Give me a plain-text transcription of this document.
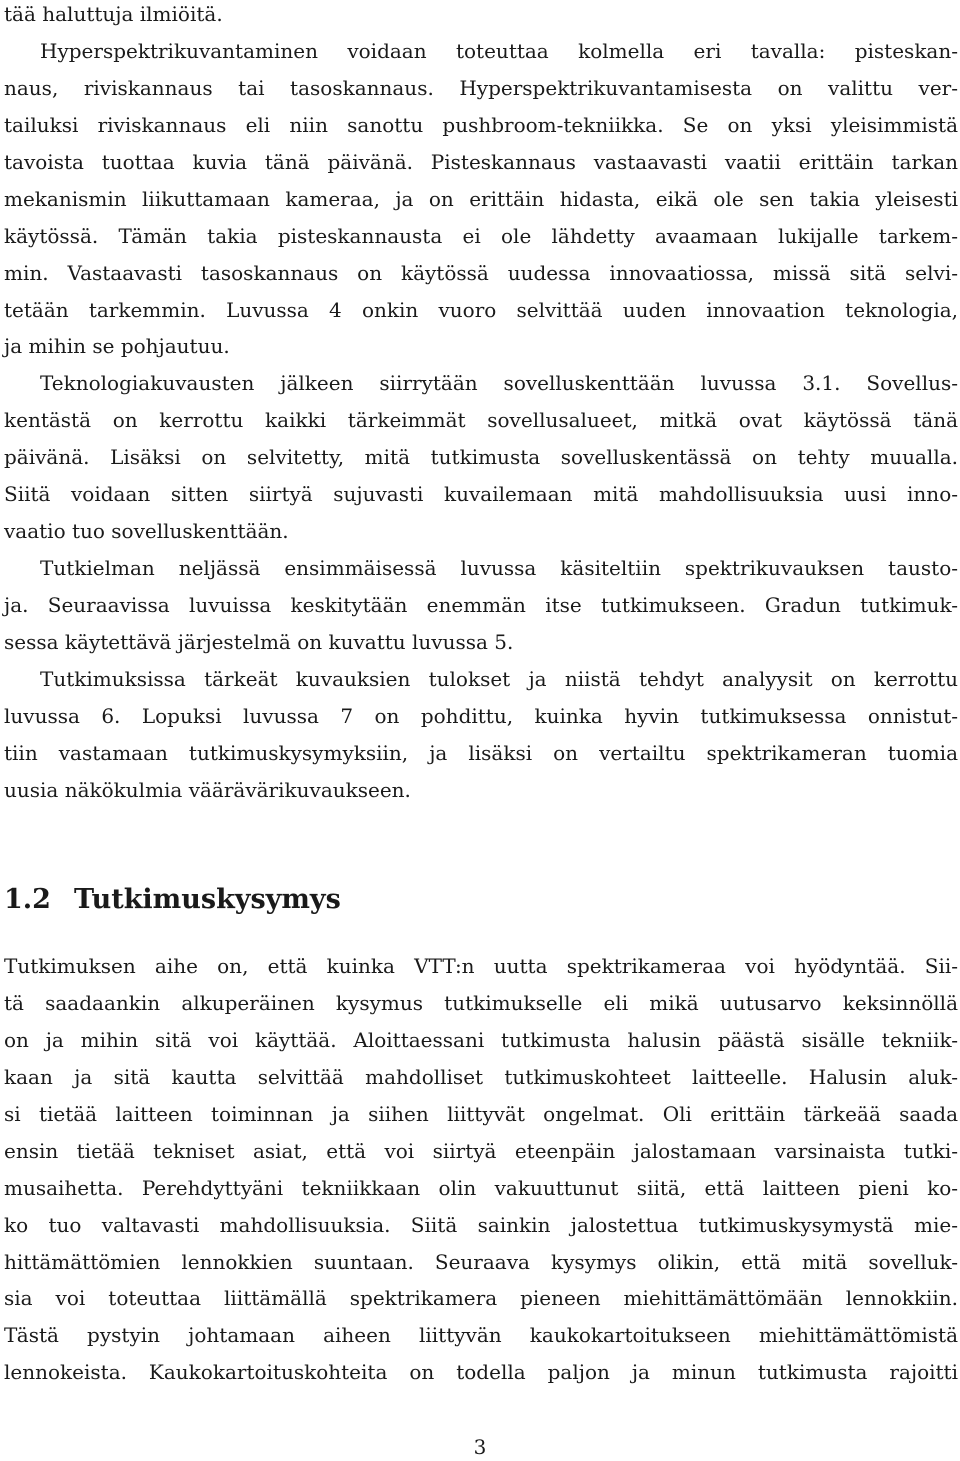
tää haluttuja ilmiöitä.
Hyperspektrikuvantaminen voidaan toteuttaa kolmella eri tavalla: pisteskan-
naus, riviskannaus tai tasoskannaus. Hyperspektrikuvantamisesta on valittu ver-
tailuksi riviskannaus eli niin sanottu pushbroom-tekniikka. Se on yksi yleisimmistä
tavoista tuottaa kuvia tänä päivänä. Pisteskannaus vastaavasti vaatii erittäin tarkan
mekanismin liikuttamaan kameraa, ja on erittäin hidasta, eikä ole sen takia yleisesti
käytössä. Tämän takia pisteskannausta ei ole lähdetty avaamaan lukijalle tarkem-
min. Vastaavasti tasoskannaus on käytössä uudessa innovaatiossa, missä sitä selvi-
tetään tarkemmin. Luvussa 4 onkin vuoro selvittää uuden innovaation teknologia,
ja mihin se pohjautuu.
Teknologiakuvausten jälkeen siirrytään sovelluskenttään luvussa 3.1. Sovellus-
kentästä on kerrottu kaikki tärkeimmät sovellusalueet, mitkä ovat käytössä tänä
päivänä. Lisäksi on selvitetty, mitä tutkimusta sovelluskentässä on tehty muualla.
Siitä voidaan sitten siirtyä sujuvasti kuvailemaan mitä mahdollisuuksia uusi inno-
vaatio tuo sovelluskenttään.
Tutkielman neljässä ensimmäisessä luvussa käsiteltiin spektrikuvauksen tausto-
ja. Seuraavissa luvuissa keskitytään enemmän itse tutkimukseen. Gradun tutkimuk-
sessa käytettävä järjestelmä on kuvattu luvussa 5.
Tutkimuksissa tärkeät kuvauksien tulokset ja niistä tehdyt analyysit on kerrottu
luvussa 6. Lopuksi luvussa 7 on pohdittu, kuinka hyvin tutkimuksessa onnistut-
tiin vastamaan tutkimuskysymyksiin, ja lisäksi on vertailtu spektrikameran tuomia
uusia näkökulmia väärävärikuvaukseen.
1.2 Tutkimuskysymys
Tutkimuksen aihe on, että kuinka VTT:n uutta spektrikameraa voi hyödyntää. Sii-
tä saadaankin alkuperäinen kysymus tutkimukselle eli mikä uutusarvo keksinnöllä
on ja mihin sitä voi käyttää. Aloittaessani tutkimusta halusin päästä sisälle tekniik-
kaan ja sitä kautta selvittää mahdolliset tutkimuskohteet laitteelle. Halusin aluk-
si tietää laitteen toiminnan ja siihen liittyvät ongelmat. Oli erittäin tärkeää saada
ensin tietää tekniset asiat, että voi siirtyä eteenpäin jalostamaan varsinaista tutki-
musaihetta. Perehdyttyäni tekniikkaan olin vakuuttunut siitä, että laitteen pieni ko-
ko tuo valtavasti mahdollisuuksia. Siitä sainkin jalostettua tutkimuskysymystä mie-
hittämättömien lennokkien suuntaan. Seuraava kysymys olikin, että mitä sovelluk-
sia voi toteuttaa liittämällä spektrikamera pieneen miehittämättömään lennokkiin.
Tästä pystyin johtamaan aiheen liittyvän kaukokartoitukseen miehittämättömistä
lennokeista. Kaukokartoituskohteita on todella paljon ja minun tutkimusta rajoitti
3
